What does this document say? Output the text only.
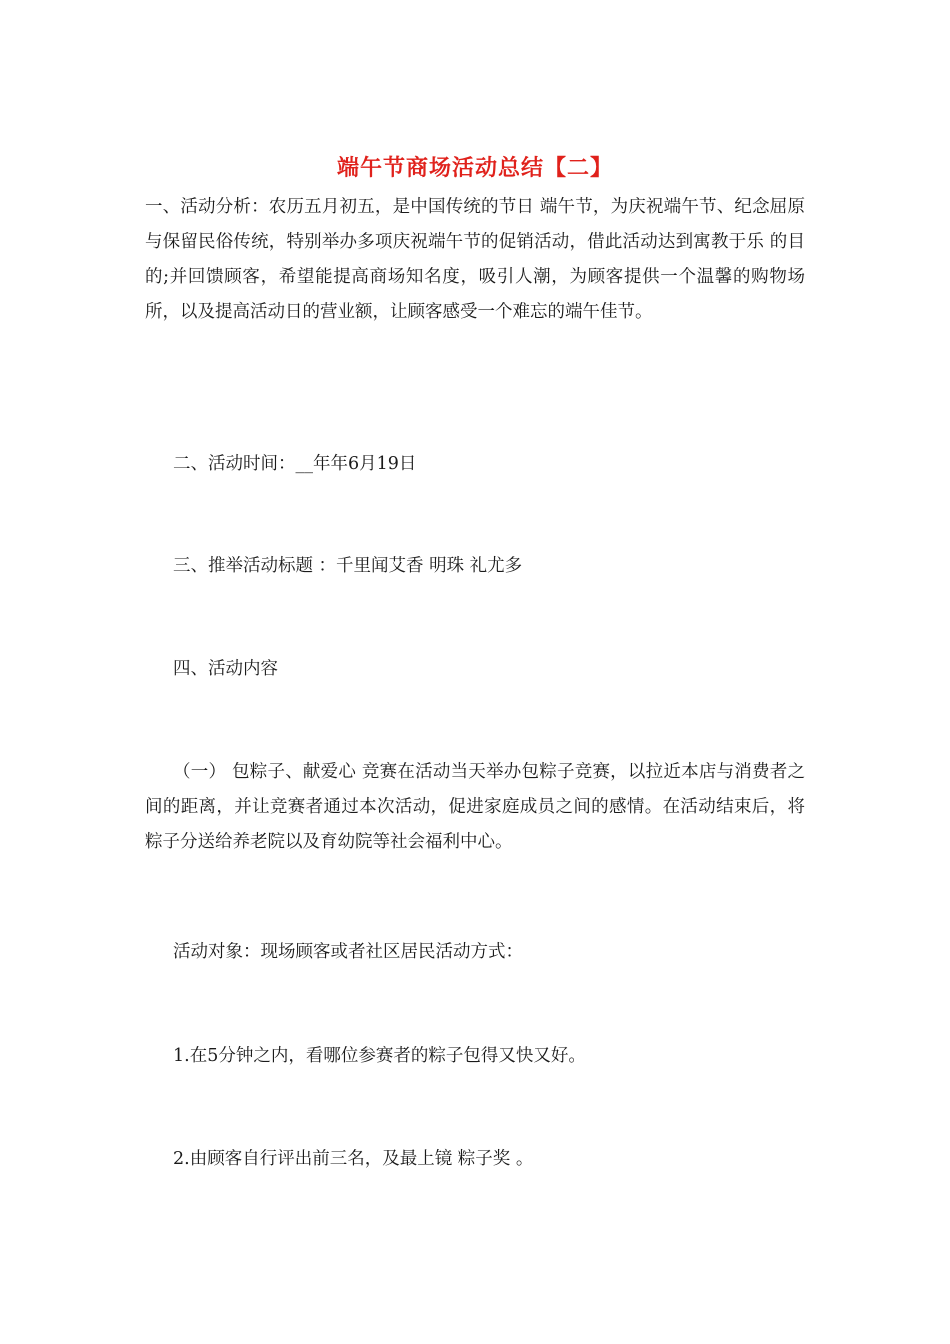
端午节商场活动总结【二】

一、活动分析：农历五月初五，是中国传统的节日 端午节，为庆祝端午节、纪念屈原与保留民俗传统，特别举办多项庆祝端午节的促销活动，借此活动达到寓教于乐 的目的;并回馈顾客，希望能提高商场知名度，吸引人潮，为顾客提供一个温馨的购物场所，以及提高活动日的营业额，让顾客感受一个难忘的端午佳节。

二、活动时间：__年年6月19日

三、推举活动标题 ：千里闻艾香 明珠 礼尤多

四、活动内容

（一） 包粽子、献爱心 竞赛在活动当天举办包粽子竞赛，以拉近本店与消费者之间的距离，并让竞赛者通过本次活动，促进家庭成员之间的感情。在活动结束后，将粽子分送给养老院以及育幼院等社会福利中心。

活动对象：现场顾客或者社区居民活动方式：

1.在5分钟之内，看哪位参赛者的粽子包得又快又好。

2.由顾客自行评出前三名，及最上镜 粽子奖 。
